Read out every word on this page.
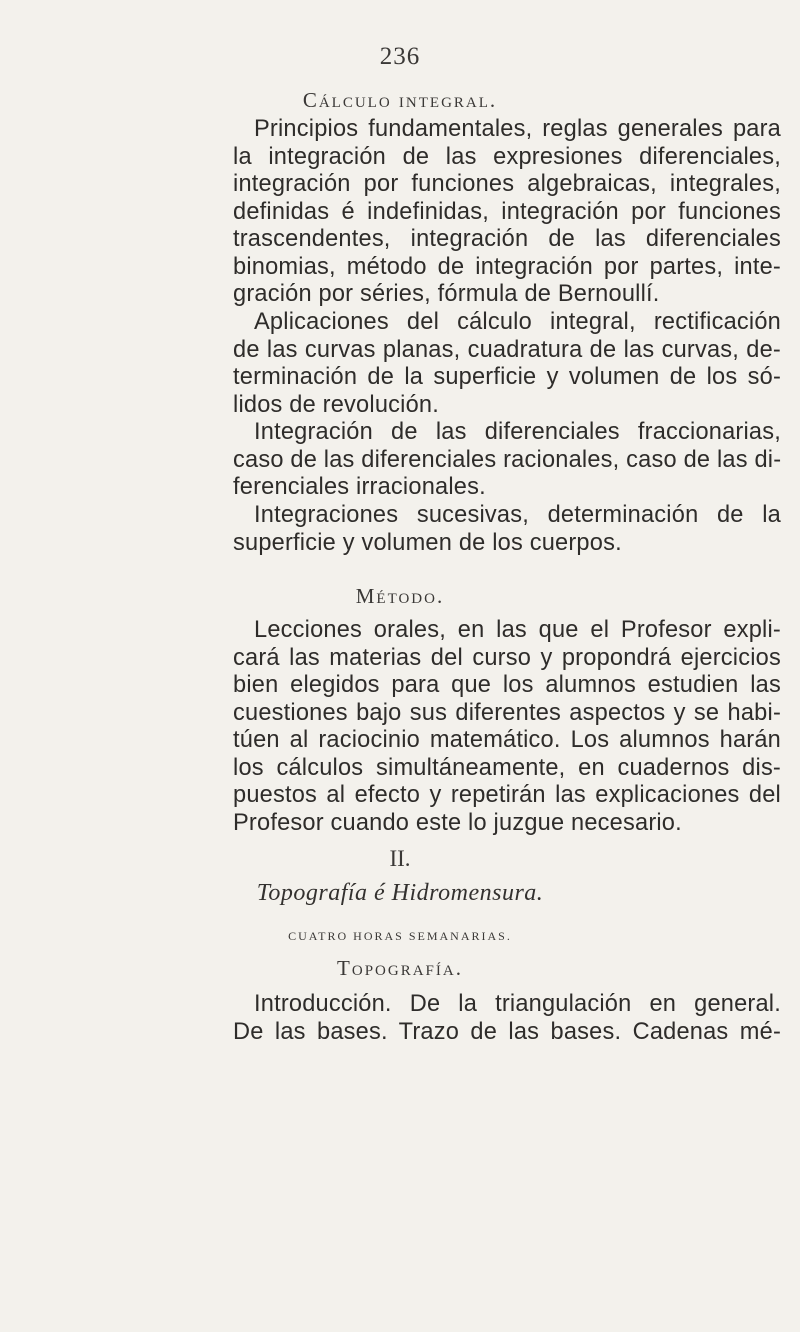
236
Cálculo integral.

Principios fundamentales, reglas generales para
la integración de las expresiones diferenciales,
integración por funciones algebraicas, integrales,
definidas é indefinidas, integración por funciones
trascendentes, integración de las diferenciales
binomias, método de integración por partes, inte-
gración por séries, fórmula de Bernoullí.

Aplicaciones del cálculo integral, rectificación
de las curvas planas, cuadratura de las curvas, de-
terminación de la superficie y volumen de los só-
lidos de revolución.

Integración de las diferenciales fraccionarias,
caso de las diferenciales racionales, caso de las di-
ferenciales irracionales.

Integraciones sucesivas, determinación de la
superficie y volumen de los cuerpos.

Método.

Lecciones orales, en las que el Profesor expli-
cará las materias del curso y propondrá ejercicios
bien elegidos para que los alumnos estudien las
cuestiones bajo sus diferentes aspectos y se habi-
túen al raciocinio matemático. Los alumnos harán
los cálculos simultáneamente, en cuadernos dis-
puestos al efecto y repetirán las explicaciones del
Profesor cuando este lo juzgue necesario.

II.
Topografía é Hidromensura.
CUATRO HORAS SEMANARIAS.
Topografía.

Introducción. De la triangulación en general.
De las bases. Trazo de las bases. Cadenas mé-
